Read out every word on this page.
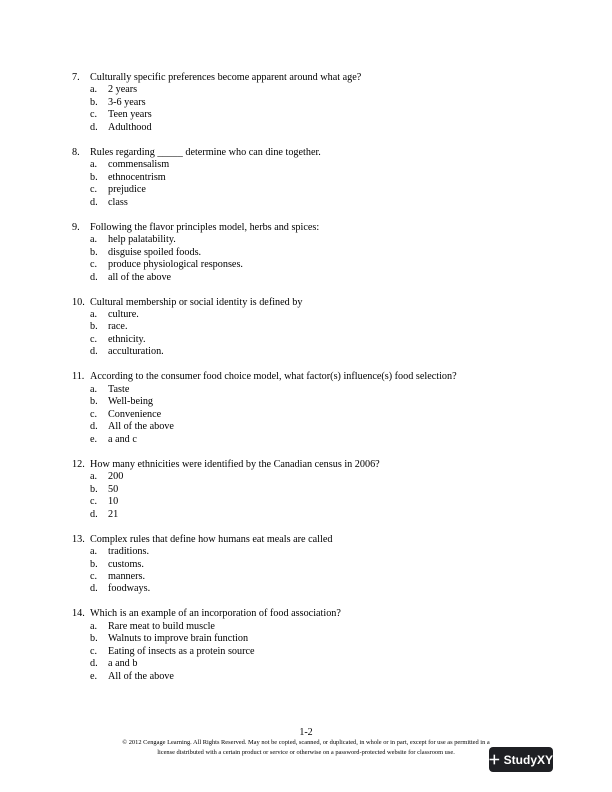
7.	Culturally specific preferences become apparent around what age?
a.	2 years
b.	3-6 years
c.	Teen years
d.	Adulthood
8.	Rules regarding _____ determine who can dine together.
a.	commensalism
b.	ethnocentrism
c.	prejudice
d.	class
9.	Following the flavor principles model, herbs and spices:
a.	help palatability.
b.	disguise spoiled foods.
c.	produce physiological responses.
d.	all of the above
10. Cultural membership or social identity is defined by
a.	culture.
b.	race.
c.	ethnicity.
d.	acculturation.
11. According to the consumer food choice model, what factor(s) influence(s) food selection?
a.	Taste
b.	Well-being
c.	Convenience
d.	All of the above
e.	a and c
12. How many ethnicities were identified by the Canadian census in 2006?
a.	200
b.	50
c.	10
d.	21
13. Complex rules that define how humans eat meals are called
a.	traditions.
b.	customs.
c.	manners.
d.	foodways.
14. Which is an example of an incorporation of food association?
a.	Rare meat to build muscle
b.	Walnuts to improve brain function
c.	Eating of insects as a protein source
d.	a and b
e.	All of the above
1-2
© 2012 Cengage Learning. All Rights Reserved. May not be copied, scanned, or duplicated, in whole or in part, except for use as permitted in a
license distributed with a certain product or service or otherwise on a password-protected website for classroom use.
StudyXY
